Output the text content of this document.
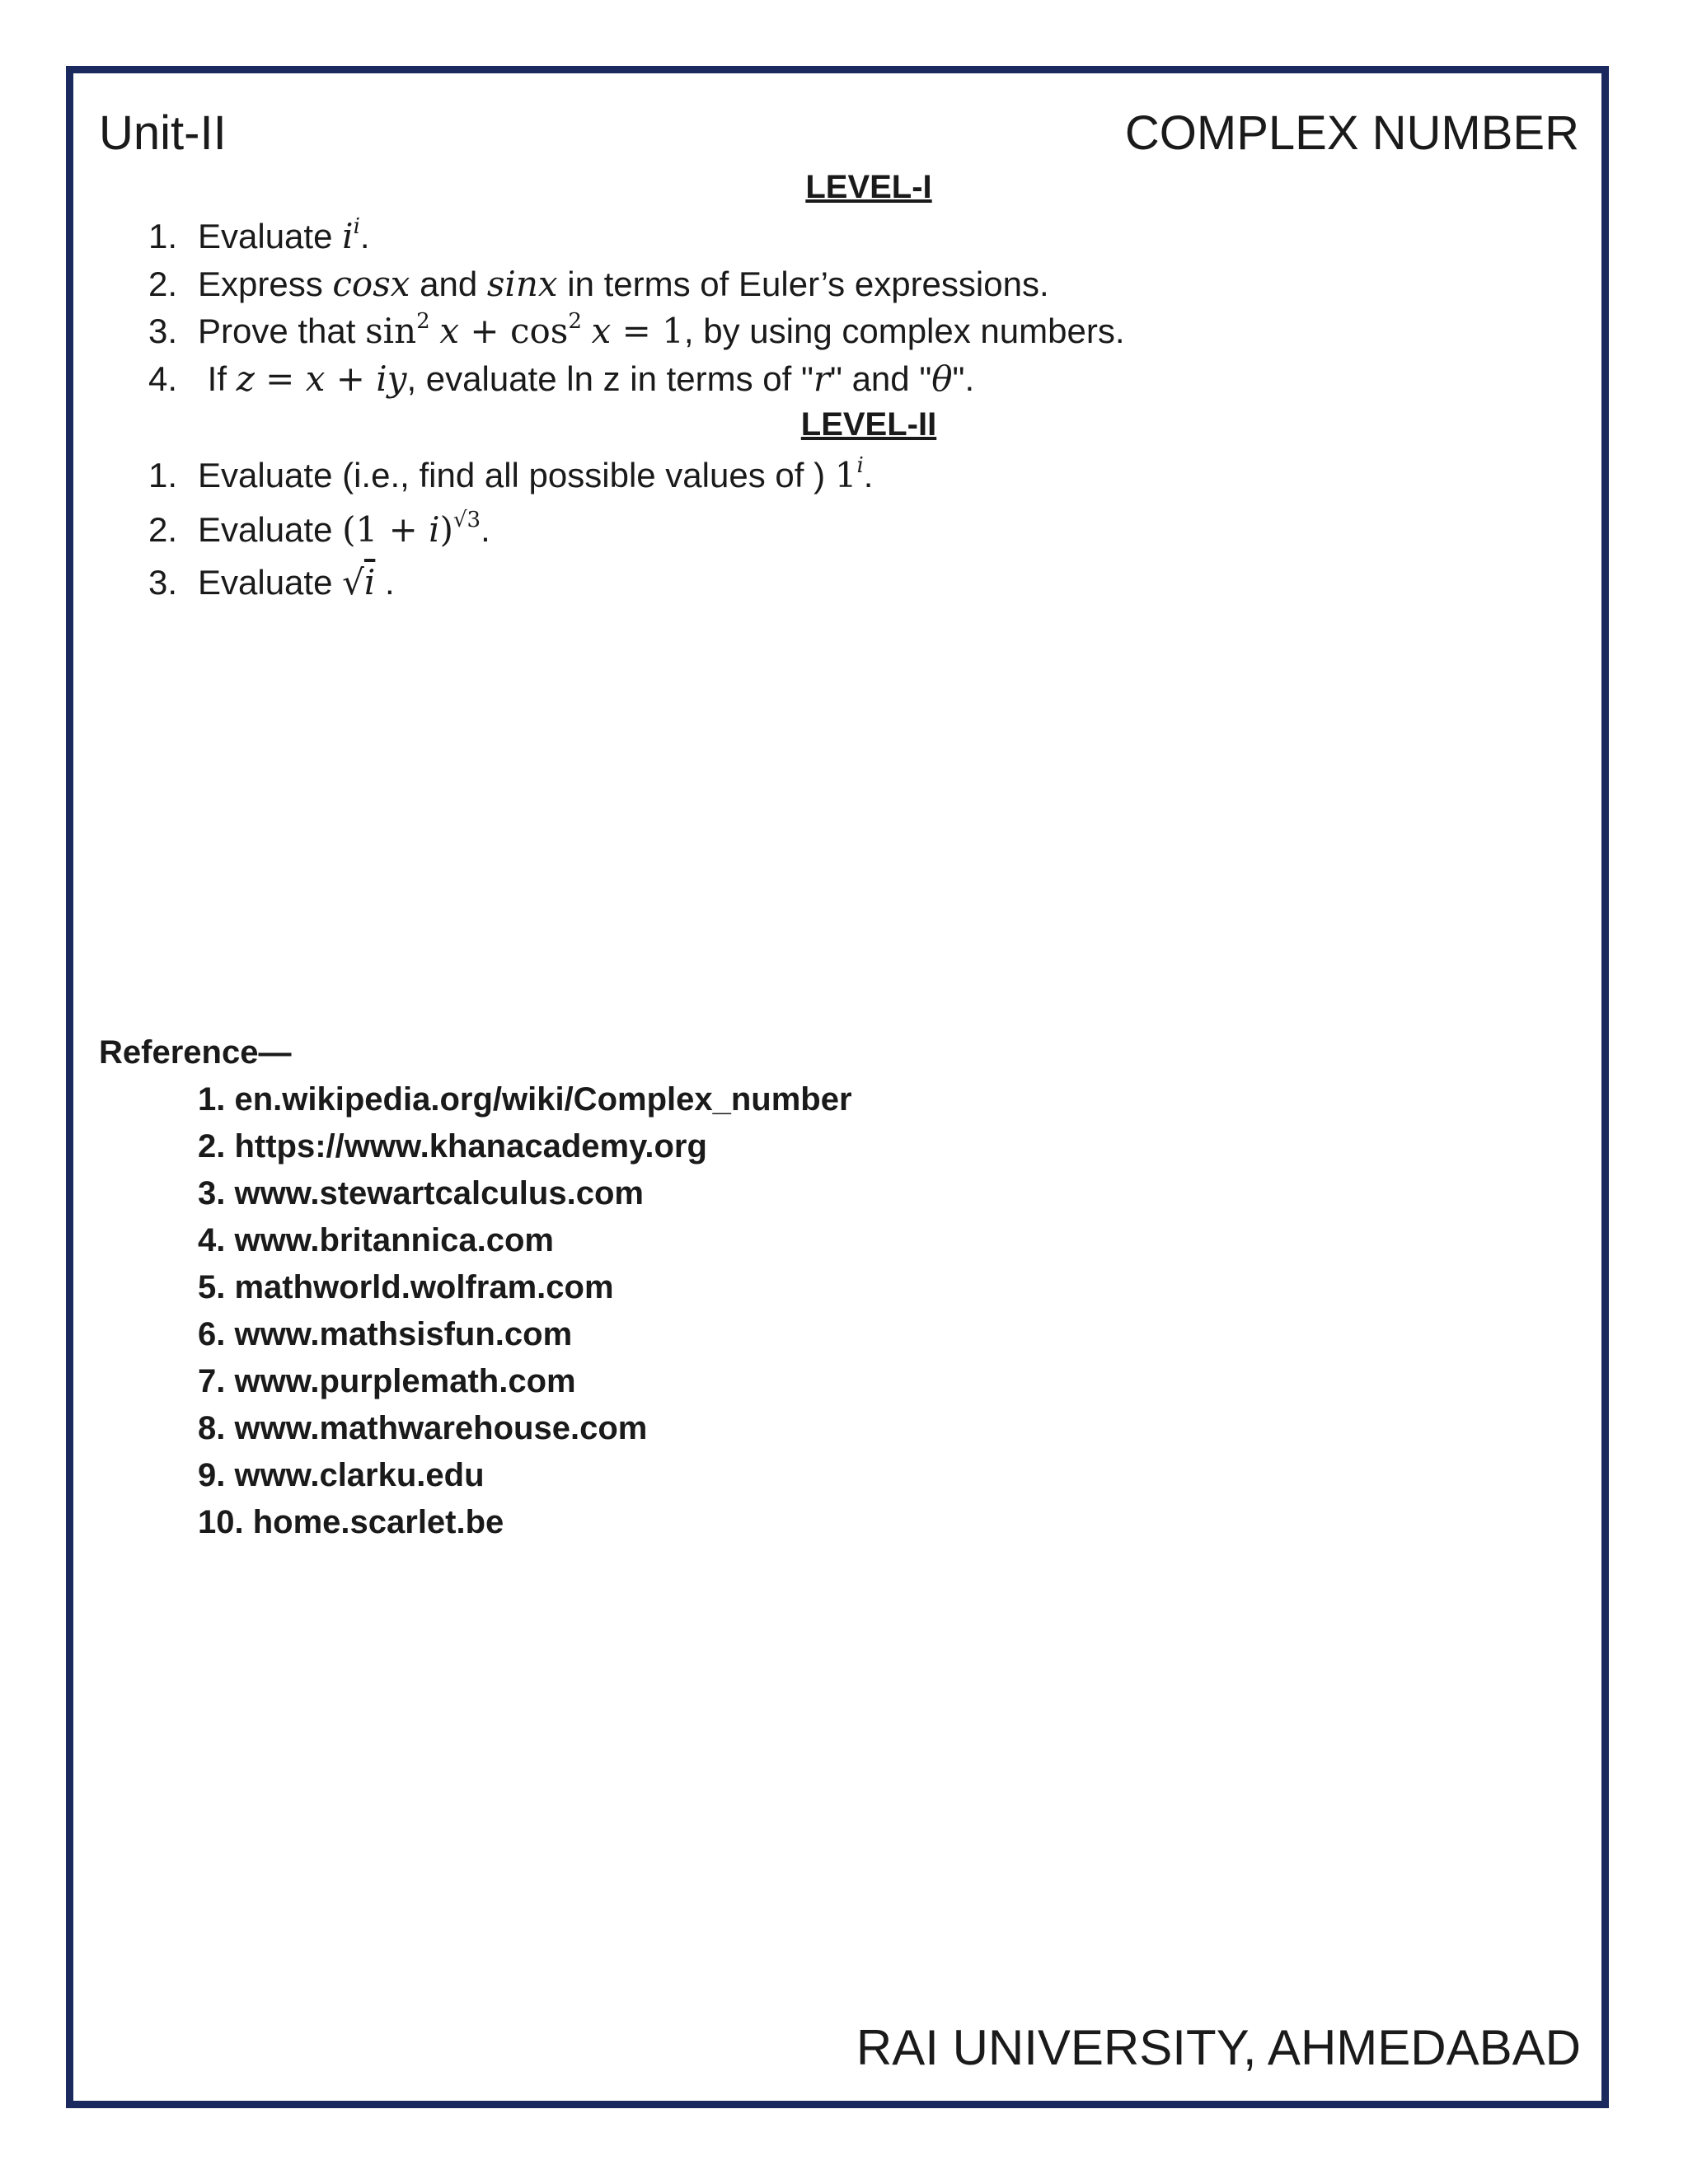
Unit-II	COMPLEX NUMBER
LEVEL-I
1. Evaluate $i^i$.
2. Express cosx and sinx in terms of Euler’s expressions.
3. Prove that $\sin^2 x + \cos^2 x = 1$, by using complex numbers.
4. If z = x + iy, evaluate ln z in terms of "r" and "θ".
LEVEL-II
1. Evaluate (i.e., find all possible values of ) 1$^i$.
2. Evaluate $(1 + i)^{√3}$.
3. Evaluate √i .
Reference—
1. en.wikipedia.org/wiki/Complex_number
2. https://www.khanacademy.org
3. www.stewartcalculus.com
4. www.britannica.com
5. mathworld.wolfram.com
6. www.mathsisfun.com
7. www.purplemath.com
8. www.mathwarehouse.com
9. www.clarku.edu
10. home.scarlet.be
RAI UNIVERSITY, AHMEDABAD
